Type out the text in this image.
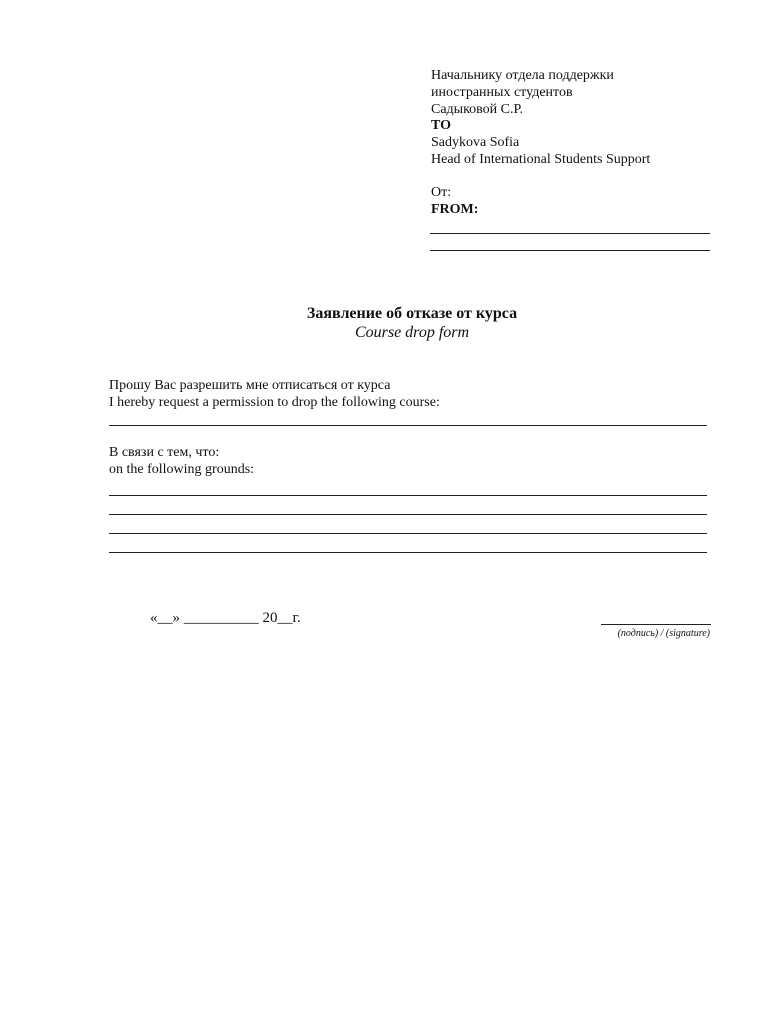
Начальнику отдела поддержки
иностранных студентов
Садыковой С.Р.
TO
Sadykova Sofia
Head of International Students Support
От:
FROM:
Заявление об отказе от курса
Course drop form
Прошу Вас разрешить мне отписаться от курса
I hereby request a permission to drop the following course:
В связи с тем, что:
on the following grounds:
«__» __________ 20__г.
(подпись) / (signature)
